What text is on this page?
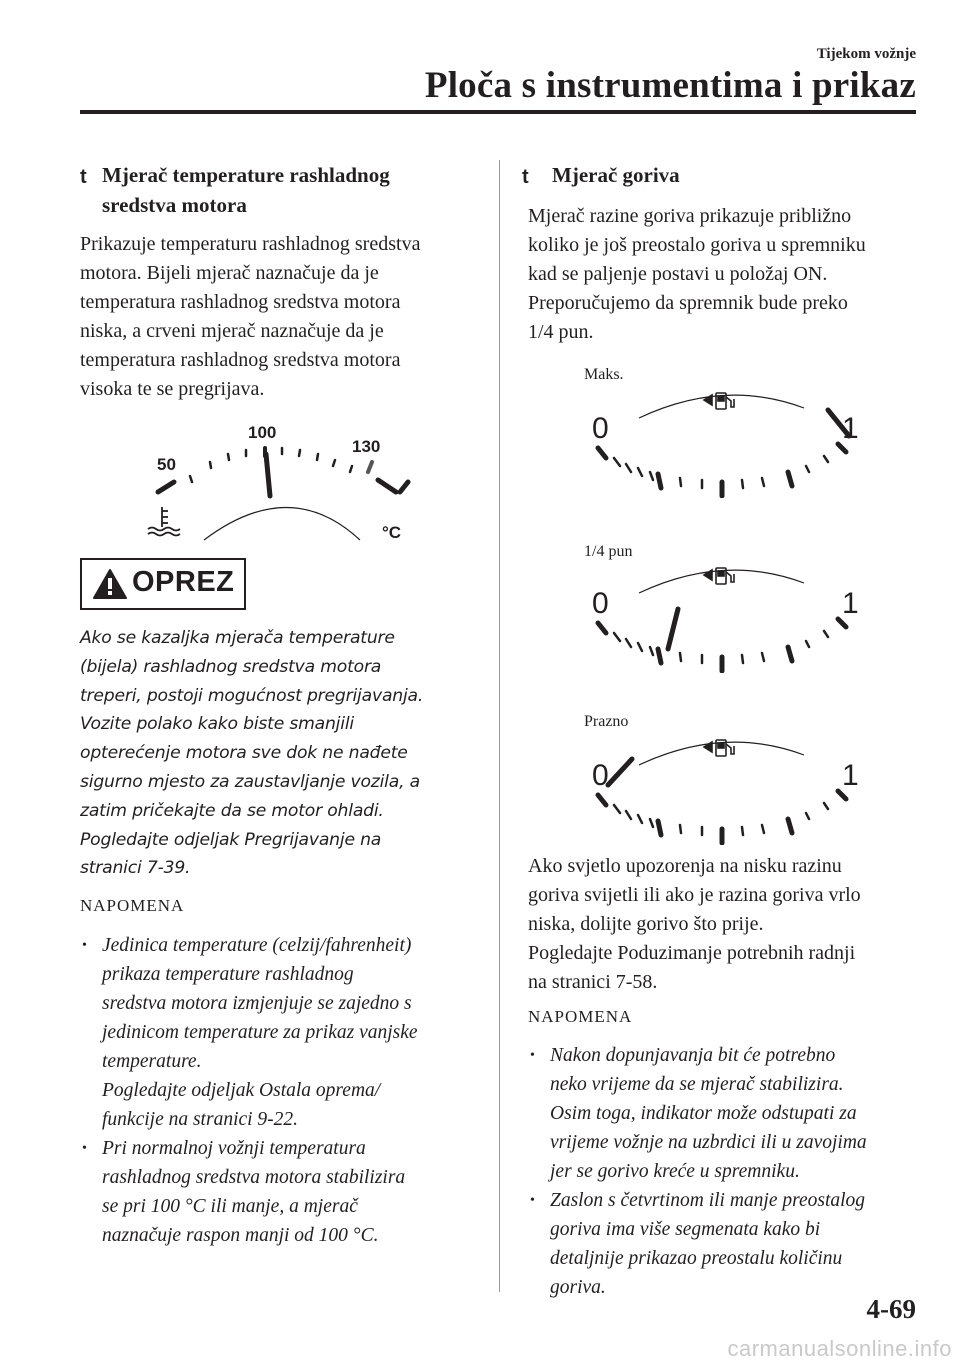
Tijekom vožnje
Ploča s instrumentima i prikaz
t Mjerač temperature rashladnog
sredstva motora
Prikazuje temperaturu rashladnog sredstva
motora. Bijeli mjerač naznačuje da je
temperatura rashladnog sredstva motora
niska, a crveni mjerač naznačuje da je
temperatura rashladnog sredstva motora
visoka te se pregrijava.
50
100
130
°C
OPREZ
Ako se kazaljka mjerača temperature
(bijela) rashladnog sredstva motora
treperi, postoji mogućnost pregrijavanja.
Vozite polako kako biste smanjili
opterećenje motora sve dok ne nađete
sigurno mjesto za zaustavljanje vozila, a
zatim pričekajte da se motor ohladi.
Pogledajte odjeljak Pregrijavanje na
stranici 7-39.
NAPOMENA
• Jedinica temperature (celzij/fahrenheit)
prikaza temperature rashladnog
sredstva motora izmjenjuje se zajedno s
jedinicom temperature za prikaz vanjske
temperature.
Pogledajte odjeljak Ostala oprema/
funkcije na stranici 9-22.
• Pri normalnoj vožnji temperatura
rashladnog sredstva motora stabilizira
se pri 100 °C ili manje, a mjerač
naznačuje raspon manji od 100 °C.
t Mjerač goriva
Mjerač razine goriva prikazuje približno
koliko je još preostalo goriva u spremniku
kad se paljenje postavi u položaj ON.
Preporučujemo da spremnik bude preko
1/4 pun.
Maks.
0	1
1/4 pun
0	1
Prazno
0	1
Ako svjetlo upozorenja na nisku razinu
goriva svijetli ili ako je razina goriva vrlo
niska, dolijte gorivo što prije.
Pogledajte Poduzimanje potrebnih radnji
na stranici 7-58.
NAPOMENA
• Nakon dopunjavanja bit će potrebno
neko vrijeme da se mjerač stabilizira.
Osim toga, indikator može odstupati za
vrijeme vožnje na uzbrdici ili u zavojima
jer se gorivo kreće u spremniku.
• Zaslon s četvrtinom ili manje preostalog
goriva ima više segmenata kako bi
detaljnije prikazao preostalu količinu
goriva.
4-69
carmanualsonline.info
